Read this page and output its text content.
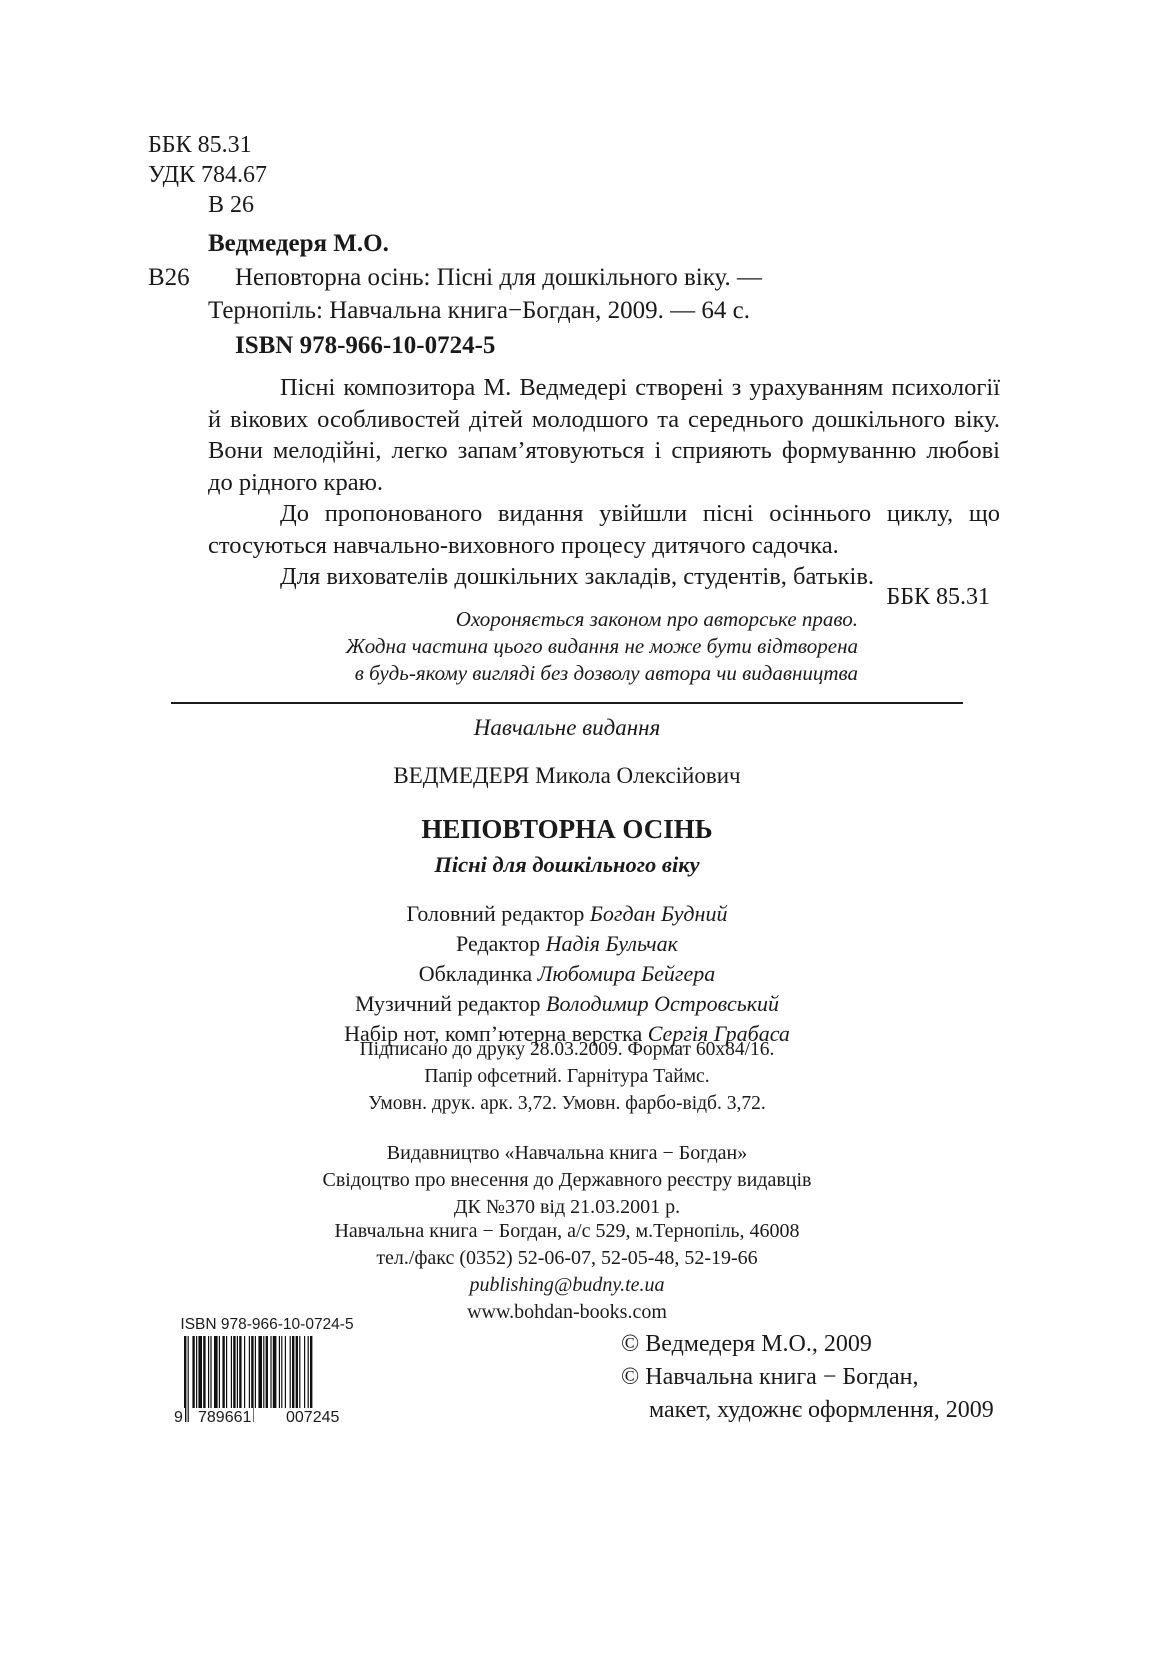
ББК 85.31
УДК 784.67
В 26
Ведмедеря М.О.
В26 Неповторна осінь: Пісні для дошкільного віку. —
Тернопіль: Навчальна книга−Богдан, 2009. — 64 с.
ISBN 978-966-10-0724-5

Пісні композитора М. Ведмедері створені з урахуванням психології й вікових особливостей дітей молодшого та середнього дошкільного віку. Вони мелодійні, легко запам’ятовуються і сприяють формуванню любові до рідного краю.

До пропонованого видання увійшли пісні осіннього циклу, що стосуються навчально-виховного процесу дитячого садочка.

Для вихователів дошкільних закладів, студентів, батьків.

ББК 85.31
Охороняється законом про авторське право.
Жодна частина цього видання не може бути відтворена
в будь-якому вигляді без дозволу автора чи видавництва
Навчальне видання
ВЕДМЕДЕРЯ Микола Олексійович
НЕПОВТОРНА ОСІНЬ
Пісні для дошкільного віку
Головний редактор Богдан Будний
Редактор Надія Бульчак
Обкладинка Любомира Бейгера
Музичний редактор Володимир Островський
Набір нот, комп’ютерна верстка Сергія Грабаса
Підписано до друку 28.03.2009. Формат 60x84/16.
Папір офсетний. Гарнітура Таймс.
Умовн. друк. арк. 3,72. Умовн. фарбо-відб. 3,72.
Видавництво «Навчальна книга − Богдан»
Свідоцтво про внесення до Державного реєстру видавців
ДК №370 від 21.03.2001 р.
Навчальна книга − Богдан, а/с 529, м.Тернопіль, 46008
тел./факс (0352) 52-06-07, 52-05-48, 52-19-66
publishing@budny.te.ua
www.bohdan-books.com
ISBN 978-966-10-0724-5
9 789661 007245
© Ведмедеря М.О., 2009
© Навчальна книга − Богдан,
макет, художнє оформлення, 2009
